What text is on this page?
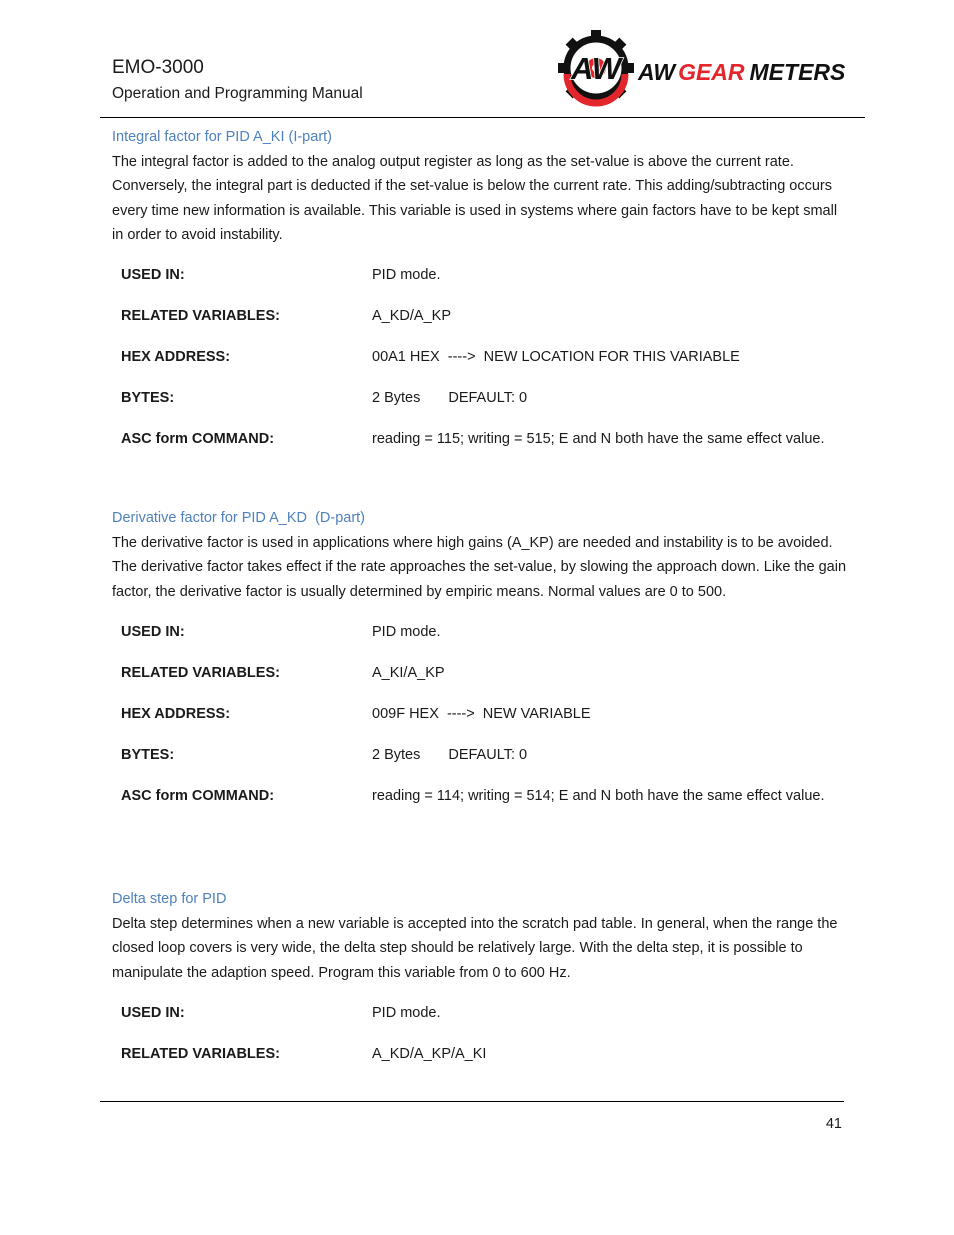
EMO-3000
Operation and Programming Manual
AW AW GEAR METERS
Integral factor for PID A_KI (I-part)
The integral factor is added to the analog output register as long as the set-value is above the current rate. Conversely, the integral part is deducted if the set-value is below the current rate. This adding/subtracting occurs every time new information is available. This variable is used in systems where gain factors have to be kept small in order to avoid instability.
USED IN:	PID mode.
RELATED VARIABLES:	A_KD/A_KP
HEX ADDRESS:	00A1 HEX  ---->  NEW LOCATION FOR THIS VARIABLE
BYTES:	2 Bytes DEFAULT: 0
ASC form COMMAND:	reading = 115; writing = 515; E and N both have the same effect value.
Derivative factor for PID A_KD  (D-part)
The derivative factor is used in applications where high gains (A_KP) are needed and instability is to be avoided. The derivative factor takes effect if the rate approaches the set-value, by slowing the approach down. Like the gain factor, the derivative factor is usually determined by empiric means. Normal values are 0 to 500.
USED IN:	PID mode.
RELATED VARIABLES:	A_KI/A_KP
HEX ADDRESS:	009F HEX  ---->  NEW VARIABLE
BYTES:	2 Bytes DEFAULT: 0
ASC form COMMAND:	reading = 114; writing = 514; E and N both have the same effect value.
Delta step for PID
Delta step determines when a new variable is accepted into the scratch pad table. In general, when the range the closed loop covers is very wide, the delta step should be relatively large. With the delta step, it is possible to manipulate the adaption speed. Program this variable from 0 to 600 Hz.
USED IN:	PID mode.
RELATED VARIABLES:	A_KD/A_KP/A_KI
41
